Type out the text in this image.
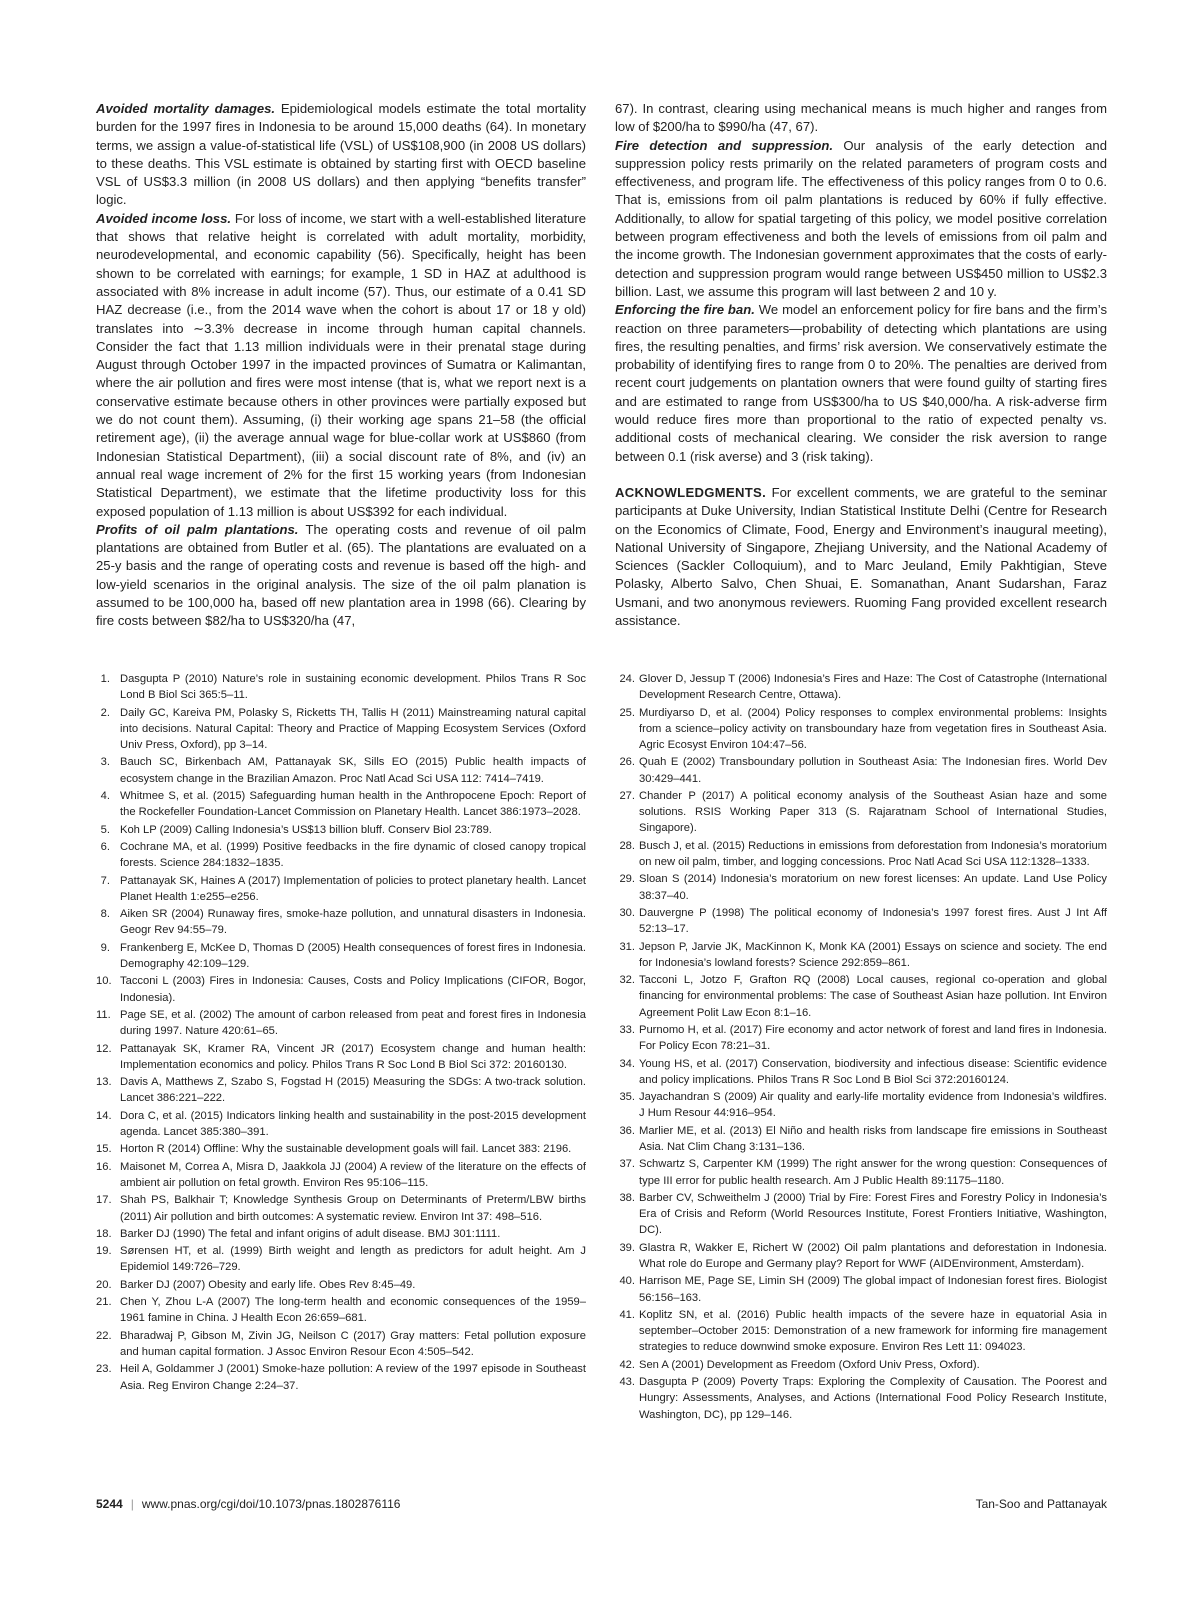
Avoided mortality damages. Epidemiological models estimate the total mortality burden for the 1997 fires in Indonesia to be around 15,000 deaths (64). In monetary terms, we assign a value-of-statistical life (VSL) of US$108,900 (in 2008 US dollars) to these deaths. This VSL estimate is obtained by starting first with OECD baseline VSL of US$3.3 million (in 2008 US dollars) and then applying “benefits transfer” logic.

Avoided income loss. For loss of income, we start with a well-established literature that shows that relative height is correlated with adult mortality, morbidity, neurodevelopmental, and economic capability (56). Specifically, height has been shown to be correlated with earnings; for example, 1 SD in HAZ at adulthood is associated with 8% increase in adult income (57). Thus, our estimate of a 0.41 SD HAZ decrease (i.e., from the 2014 wave when the cohort is about 17 or 18 y old) translates into ∼3.3% decrease in income through human capital channels. Consider the fact that 1.13 million individuals were in their prenatal stage during August through October 1997 in the impacted provinces of Sumatra or Kalimantan, where the air pollution and fires were most intense (that is, what we report next is a conservative estimate because others in other provinces were partially exposed but we do not count them). Assuming, (i) their working age spans 21–58 (the official retirement age), (ii) the average annual wage for blue-collar work at US$860 (from Indonesian Statistical Department), (iii) a social discount rate of 8%, and (iv) an annual real wage increment of 2% for the first 15 working years (from Indonesian Statistical Department), we estimate that the lifetime productivity loss for this exposed population of 1.13 million is about US$392 for each individual.

Profits of oil palm plantations. The operating costs and revenue of oil palm plantations are obtained from Butler et al. (65). The plantations are evaluated on a 25-y basis and the range of operating costs and revenue is based off the high- and low-yield scenarios in the original analysis. The size of the oil palm planation is assumed to be 100,000 ha, based off new plantation area in 1998 (66). Clearing by fire costs between $82/ha to US$320/ha (47,

67). In contrast, clearing using mechanical means is much higher and ranges from low of $200/ha to $990/ha (47, 67).

Fire detection and suppression. Our analysis of the early detection and suppression policy rests primarily on the related parameters of program costs and effectiveness, and program life. The effectiveness of this policy ranges from 0 to 0.6. That is, emissions from oil palm plantations is reduced by 60% if fully effective. Additionally, to allow for spatial targeting of this policy, we model positive correlation between program effectiveness and both the levels of emissions from oil palm and the income growth. The Indonesian government approximates that the costs of early-detection and suppression program would range between US$450 million to US$2.3 billion. Last, we assume this program will last between 2 and 10 y.

Enforcing the fire ban. We model an enforcement policy for fire bans and the firm’s reaction on three parameters—probability of detecting which plantations are using fires, the resulting penalties, and firms’ risk aversion. We conservatively estimate the probability of identifying fires to range from 0 to 20%. The penalties are derived from recent court judgements on plantation owners that were found guilty of starting fires and are estimated to range from US$300/ha to US $40,000/ha. A risk-adverse firm would reduce fires more than proportional to the ratio of expected penalty vs. additional costs of mechanical clearing. We consider the risk aversion to range between 0.1 (risk averse) and 3 (risk taking).

ACKNOWLEDGMENTS. For excellent comments, we are grateful to the seminar participants at Duke University, Indian Statistical Institute Delhi (Centre for Research on the Economics of Climate, Food, Energy and Environment’s inaugural meeting), National University of Singapore, Zhejiang University, and the National Academy of Sciences (Sackler Colloquium), and to Marc Jeuland, Emily Pakhtigian, Steve Polasky, Alberto Salvo, Chen Shuai, E. Somanathan, Anant Sudarshan, Faraz Usmani, and two anonymous reviewers. Ruoming Fang provided excellent research assistance.

1. Dasgupta P (2010) Nature’s role in sustaining economic development. Philos Trans R Soc Lond B Biol Sci 365:5–11.
2. Daily GC, Kareiva PM, Polasky S, Ricketts TH, Tallis H (2011) Mainstreaming natural capital into decisions. Natural Capital: Theory and Practice of Mapping Ecosystem Services (Oxford Univ Press, Oxford), pp 3–14.
3. Bauch SC, Birkenbach AM, Pattanayak SK, Sills EO (2015) Public health impacts of ecosystem change in the Brazilian Amazon. Proc Natl Acad Sci USA 112: 7414–7419.
4. Whitmee S, et al. (2015) Safeguarding human health in the Anthropocene Epoch: Report of the Rockefeller Foundation-Lancet Commission on Planetary Health. Lancet 386:1973–2028.
5. Koh LP (2009) Calling Indonesia’s US$13 billion bluff. Conserv Biol 23:789.
6. Cochrane MA, et al. (1999) Positive feedbacks in the fire dynamic of closed canopy tropical forests. Science 284:1832–1835.
7. Pattanayak SK, Haines A (2017) Implementation of policies to protect planetary health. Lancet Planet Health 1:e255–e256.
8. Aiken SR (2004) Runaway fires, smoke-haze pollution, and unnatural disasters in Indonesia. Geogr Rev 94:55–79.
9. Frankenberg E, McKee D, Thomas D (2005) Health consequences of forest fires in Indonesia. Demography 42:109–129.
10. Tacconi L (2003) Fires in Indonesia: Causes, Costs and Policy Implications (CIFOR, Bogor, Indonesia).
11. Page SE, et al. (2002) The amount of carbon released from peat and forest fires in Indonesia during 1997. Nature 420:61–65.
12. Pattanayak SK, Kramer RA, Vincent JR (2017) Ecosystem change and human health: Implementation economics and policy. Philos Trans R Soc Lond B Biol Sci 372: 20160130.
13. Davis A, Matthews Z, Szabo S, Fogstad H (2015) Measuring the SDGs: A two-track solution. Lancet 386:221–222.
14. Dora C, et al. (2015) Indicators linking health and sustainability in the post-2015 development agenda. Lancet 385:380–391.
15. Horton R (2014) Offline: Why the sustainable development goals will fail. Lancet 383: 2196.
16. Maisonet M, Correa A, Misra D, Jaakkola JJ (2004) A review of the literature on the effects of ambient air pollution on fetal growth. Environ Res 95:106–115.
17. Shah PS, Balkhair T; Knowledge Synthesis Group on Determinants of Preterm/LBW births (2011) Air pollution and birth outcomes: A systematic review. Environ Int 37: 498–516.
18. Barker DJ (1990) The fetal and infant origins of adult disease. BMJ 301:1111.
19. Sørensen HT, et al. (1999) Birth weight and length as predictors for adult height. Am J Epidemiol 149:726–729.
20. Barker DJ (2007) Obesity and early life. Obes Rev 8:45–49.
21. Chen Y, Zhou L-A (2007) The long-term health and economic consequences of the 1959–1961 famine in China. J Health Econ 26:659–681.
22. Bharadwaj P, Gibson M, Zivin JG, Neilson C (2017) Gray matters: Fetal pollution exposure and human capital formation. J Assoc Environ Resour Econ 4:505–542.
23. Heil A, Goldammer J (2001) Smoke-haze pollution: A review of the 1997 episode in Southeast Asia. Reg Environ Change 2:24–37.
24. Glover D, Jessup T (2006) Indonesia’s Fires and Haze: The Cost of Catastrophe (International Development Research Centre, Ottawa).
25. Murdiyarso D, et al. (2004) Policy responses to complex environmental problems: Insights from a science–policy activity on transboundary haze from vegetation fires in Southeast Asia. Agric Ecosyst Environ 104:47–56.
26. Quah E (2002) Transboundary pollution in Southeast Asia: The Indonesian fires. World Dev 30:429–441.
27. Chander P (2017) A political economy analysis of the Southeast Asian haze and some solutions. RSIS Working Paper 313 (S. Rajaratnam School of International Studies, Singapore).
28. Busch J, et al. (2015) Reductions in emissions from deforestation from Indonesia’s moratorium on new oil palm, timber, and logging concessions. Proc Natl Acad Sci USA 112:1328–1333.
29. Sloan S (2014) Indonesia’s moratorium on new forest licenses: An update. Land Use Policy 38:37–40.
30. Dauvergne P (1998) The political economy of Indonesia’s 1997 forest fires. Aust J Int Aff 52:13–17.
31. Jepson P, Jarvie JK, MacKinnon K, Monk KA (2001) Essays on science and society. The end for Indonesia’s lowland forests? Science 292:859–861.
32. Tacconi L, Jotzo F, Grafton RQ (2008) Local causes, regional co-operation and global financing for environmental problems: The case of Southeast Asian haze pollution. Int Environ Agreement Polit Law Econ 8:1–16.
33. Purnomo H, et al. (2017) Fire economy and actor network of forest and land fires in Indonesia. For Policy Econ 78:21–31.
34. Young HS, et al. (2017) Conservation, biodiversity and infectious disease: Scientific evidence and policy implications. Philos Trans R Soc Lond B Biol Sci 372:20160124.
35. Jayachandran S (2009) Air quality and early-life mortality evidence from Indonesia’s wildfires. J Hum Resour 44:916–954.
36. Marlier ME, et al. (2013) El Niño and health risks from landscape fire emissions in Southeast Asia. Nat Clim Chang 3:131–136.
37. Schwartz S, Carpenter KM (1999) The right answer for the wrong question: Consequences of type III error for public health research. Am J Public Health 89:1175–1180.
38. Barber CV, Schweithelm J (2000) Trial by Fire: Forest Fires and Forestry Policy in Indonesia’s Era of Crisis and Reform (World Resources Institute, Forest Frontiers Initiative, Washington, DC).
39. Glastra R, Wakker E, Richert W (2002) Oil palm plantations and deforestation in Indonesia. What role do Europe and Germany play? Report for WWF (AIDEnvironment, Amsterdam).
40. Harrison ME, Page SE, Limin SH (2009) The global impact of Indonesian forest fires. Biologist 56:156–163.
41. Koplitz SN, et al. (2016) Public health impacts of the severe haze in equatorial Asia in september–October 2015: Demonstration of a new framework for informing fire management strategies to reduce downwind smoke exposure. Environ Res Lett 11: 094023.
42. Sen A (2001) Development as Freedom (Oxford Univ Press, Oxford).
43. Dasgupta P (2009) Poverty Traps: Exploring the Complexity of Causation. The Poorest and Hungry: Assessments, Analyses, and Actions (International Food Policy Research Institute, Washington, DC), pp 129–146.
5244 | www.pnas.org/cgi/doi/10.1073/pnas.1802876116	Tan-Soo and Pattanayak
